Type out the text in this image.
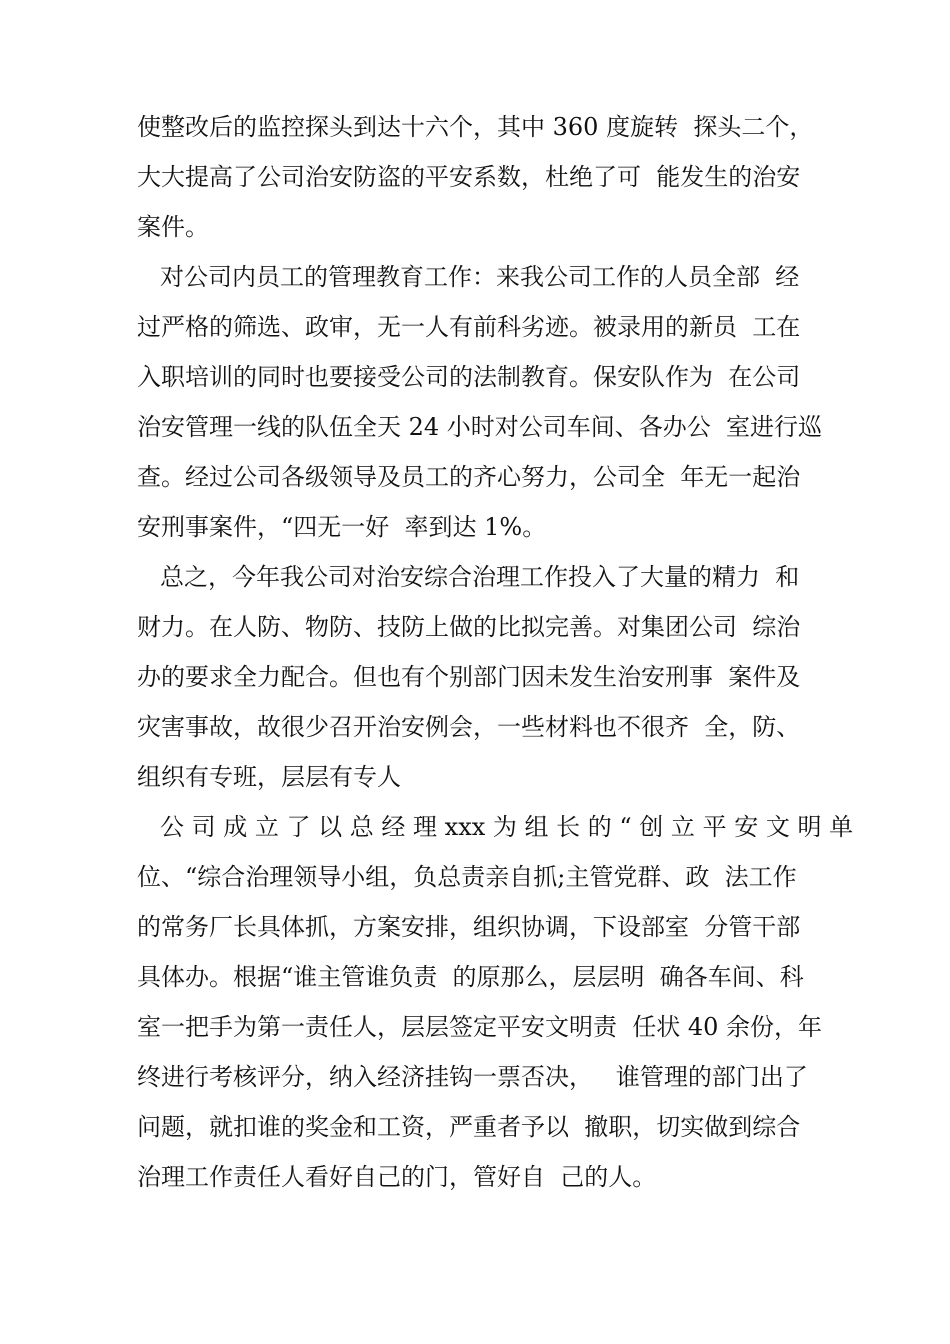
使整改后的监控探头到达十六个，其中 360 度旋转  探头二个，
大大提高了公司治安防盗的平安系数，杜绝了可  能发生的治安
案件。
对公司内员工的管理教育工作：来我公司工作的人员全部  经
过严格的筛选、政审，无一人有前科劣迹。被录用的新员  工在
入职培训的同时也要接受公司的法制教育。保安队作为  在公司
治安管理一线的队伍全天 24 小时对公司车间、各办公  室进行巡
查。经过公司各级领导及员工的齐心努力，公司全  年无一起治
安刑事案件，“四无一好  率到达 1%。
总之，今年我公司对治安综合治理工作投入了大量的精力  和
财力。在人防、物防、技防上做的比拟完善。对集团公司  综治
办的要求全力配合。但也有个别部门因未发生治安刑事  案件及
灾害事故，故很少召开治安例会，一些材料也不很齐  全，防、
组织有专班，层层有专人
公 司 成 立 了 以 总 经 理 xxx 为 组 长 的 “ 创 立 平 安 文 明 单
位、“综合治理领导小组，负总责亲自抓;主管党群、政  法工作
的常务厂长具体抓，方案安排，组织协调，下设部室  分管干部
具体办。根据“谁主管谁负责  的原那么，层层明  确各车间、科
室一把手为第一责任人，层层签定平安文明责  任状 40 余份，年
终进行考核评分，纳入经济挂钩一票否决，   谁管理的部门出了
问题，就扣谁的奖金和工资，严重者予以  撤职，切实做到综合
治理工作责任人看好自己的门，管好自  己的人。
